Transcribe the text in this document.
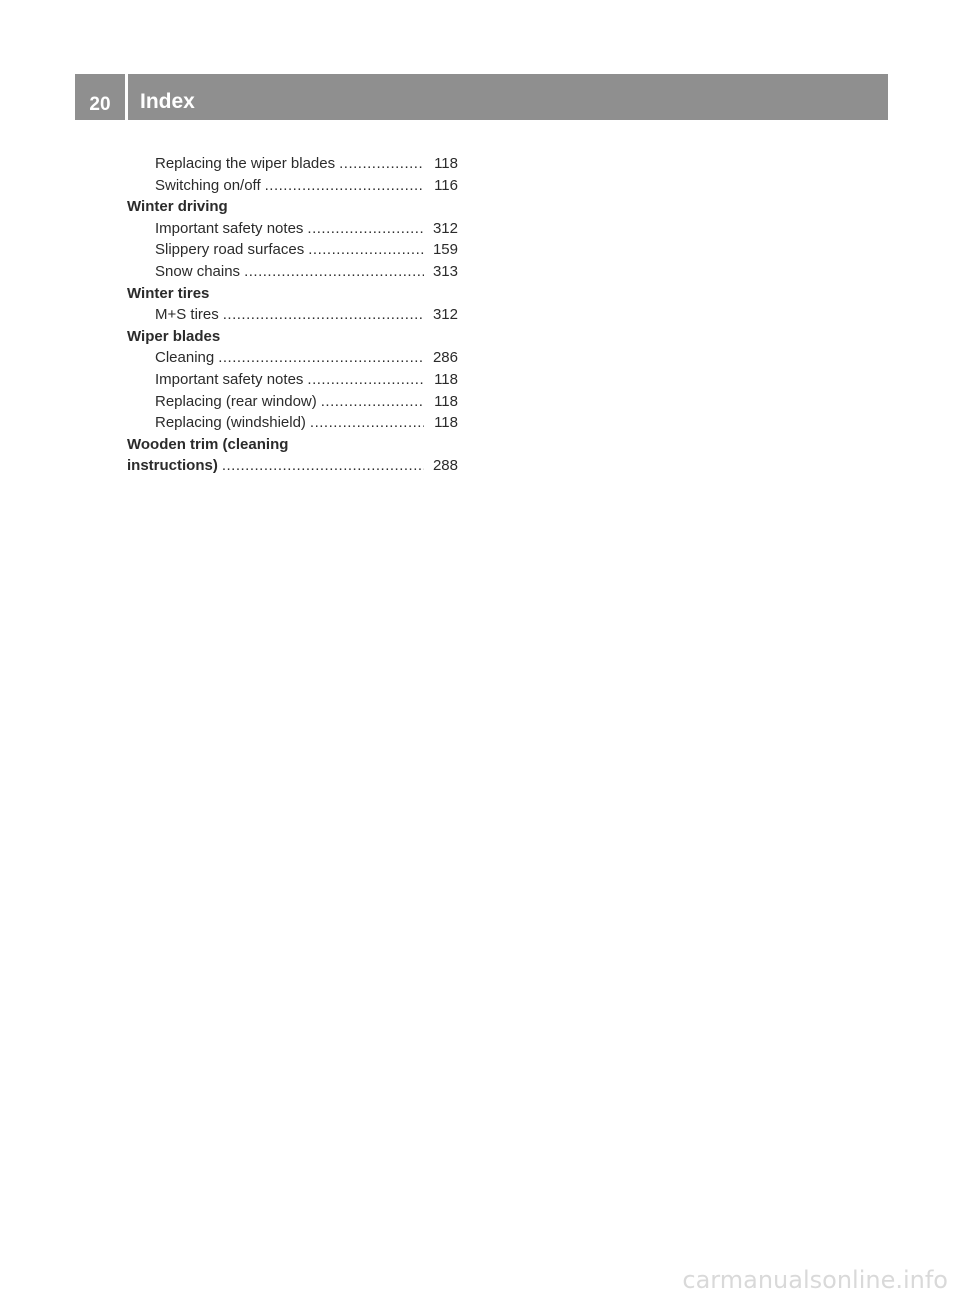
20	Index
Replacing the wiper blades .....	118
Switching on/off .....	116
Winter driving
Important safety notes .....	312
Slippery road surfaces .....	159
Snow chains .....	313
Winter tires
M+S tires .....	312
Wiper blades
Cleaning .....	286
Important safety notes .....	118
Replacing (rear window) .....	118
Replacing (windshield) .....	118
Wooden trim (cleaning
instructions) .....	288
carmanualsonline.info
